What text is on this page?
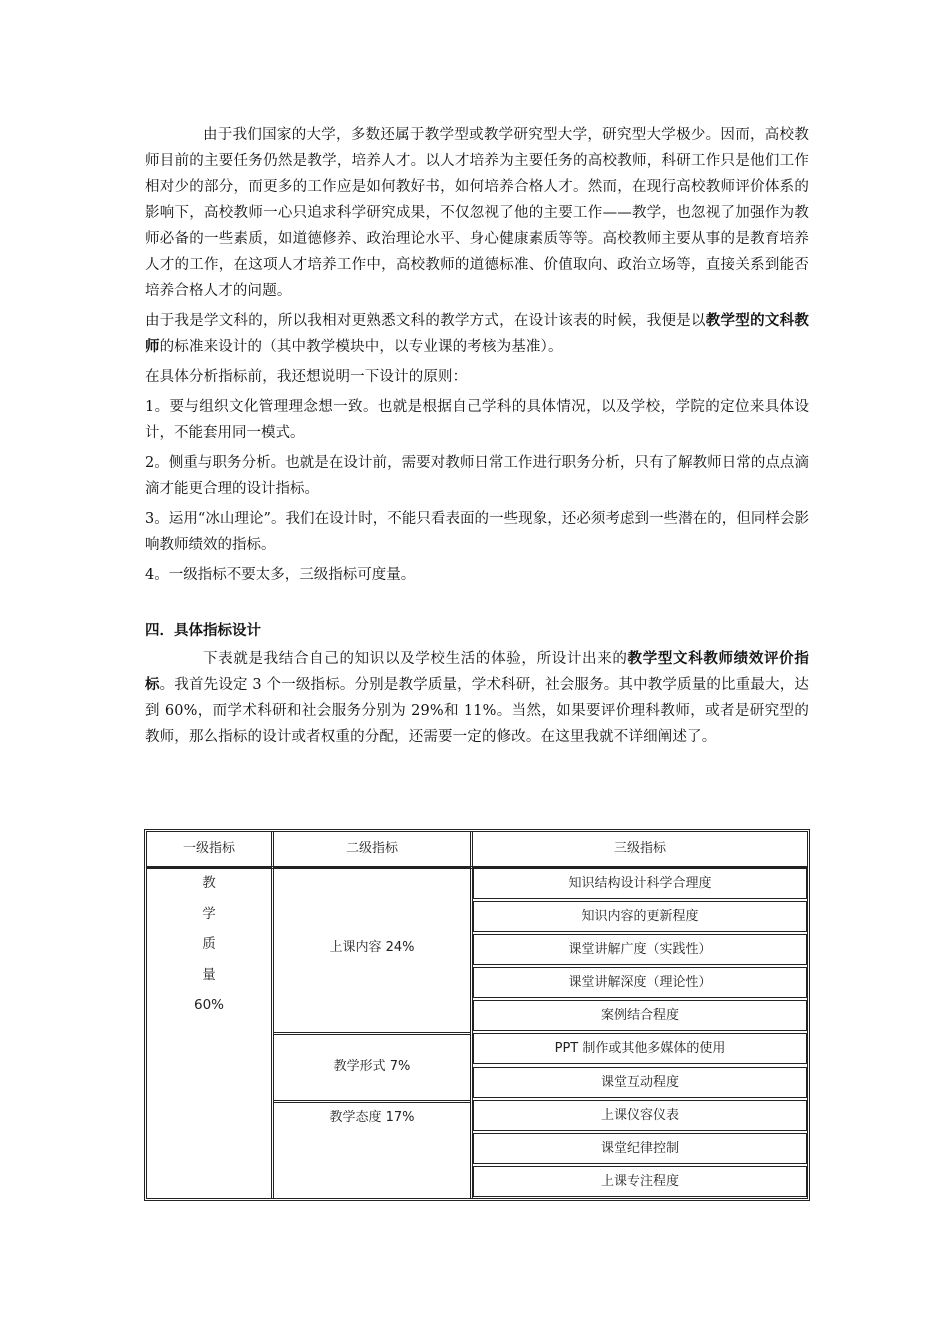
由于我们国家的大学，多数还属于教学型或教学研究型大学，研究型大学极少。因而，高校教师目前的主要任务仍然是教学，培养人才。以人才培养为主要任务的高校教师，科研工作只是他们工作相对少的部分，而更多的工作应是如何教好书，如何培养合格人才。然而，在现行高校教师评价体系的影响下，高校教师一心只追求科学研究成果，不仅忽视了他的主要工作——教学，也忽视了加强作为教师必备的一些素质，如道德修养、政治理论水平、身心健康素质等等。高校教师主要从事的是教育培养人才的工作，在这项人才培养工作中，高校教师的道德标准、价值取向、政治立场等，直接关系到能否培养合格人才的问题。

由于我是学文科的，所以我相对更熟悉文科的教学方式，在设计该表的时候，我便是以教学型的文科教师的标准来设计的（其中教学模块中，以专业课的考核为基准）。

在具体分析指标前，我还想说明一下设计的原则：

1。要与组织文化管理理念想一致。也就是根据自己学科的具体情况，以及学校，学院的定位来具体设计，不能套用同一模式。

2。侧重与职务分析。也就是在设计前，需要对教师日常工作进行职务分析，只有了解教师日常的点点滴滴才能更合理的设计指标。

3。运用“冰山理论”。我们在设计时，不能只看表面的一些现象，还必须考虑到一些潜在的，但同样会影响教师绩效的指标。

4。一级指标不要太多，三级指标可度量。

四．具体指标设计

下表就是我结合自己的知识以及学校生活的体验，所设计出来的教学型文科教师绩效评价指标。我首先设定 3 个一级指标。分别是教学质量，学术科研，社会服务。其中教学质量的比重最大，达到 60%，而学术科研和社会服务分别为 29%和 11%。当然，如果要评价理科教师，或者是研究型的教师，那么指标的设计或者权重的分配，还需要一定的修改。在这里我就不详细阐述了。

一级指标	二级指标	三级指标
教
学
质
量
60%
上课内容 24%
教学形式 7%
教学态度 17%
知识结构设计科学合理度
知识内容的更新程度
课堂讲解广度（实践性）
课堂讲解深度（理论性）
案例结合程度
PPT 制作或其他多媒体的使用
课堂互动程度
上课仪容仪表
课堂纪律控制
上课专注程度
